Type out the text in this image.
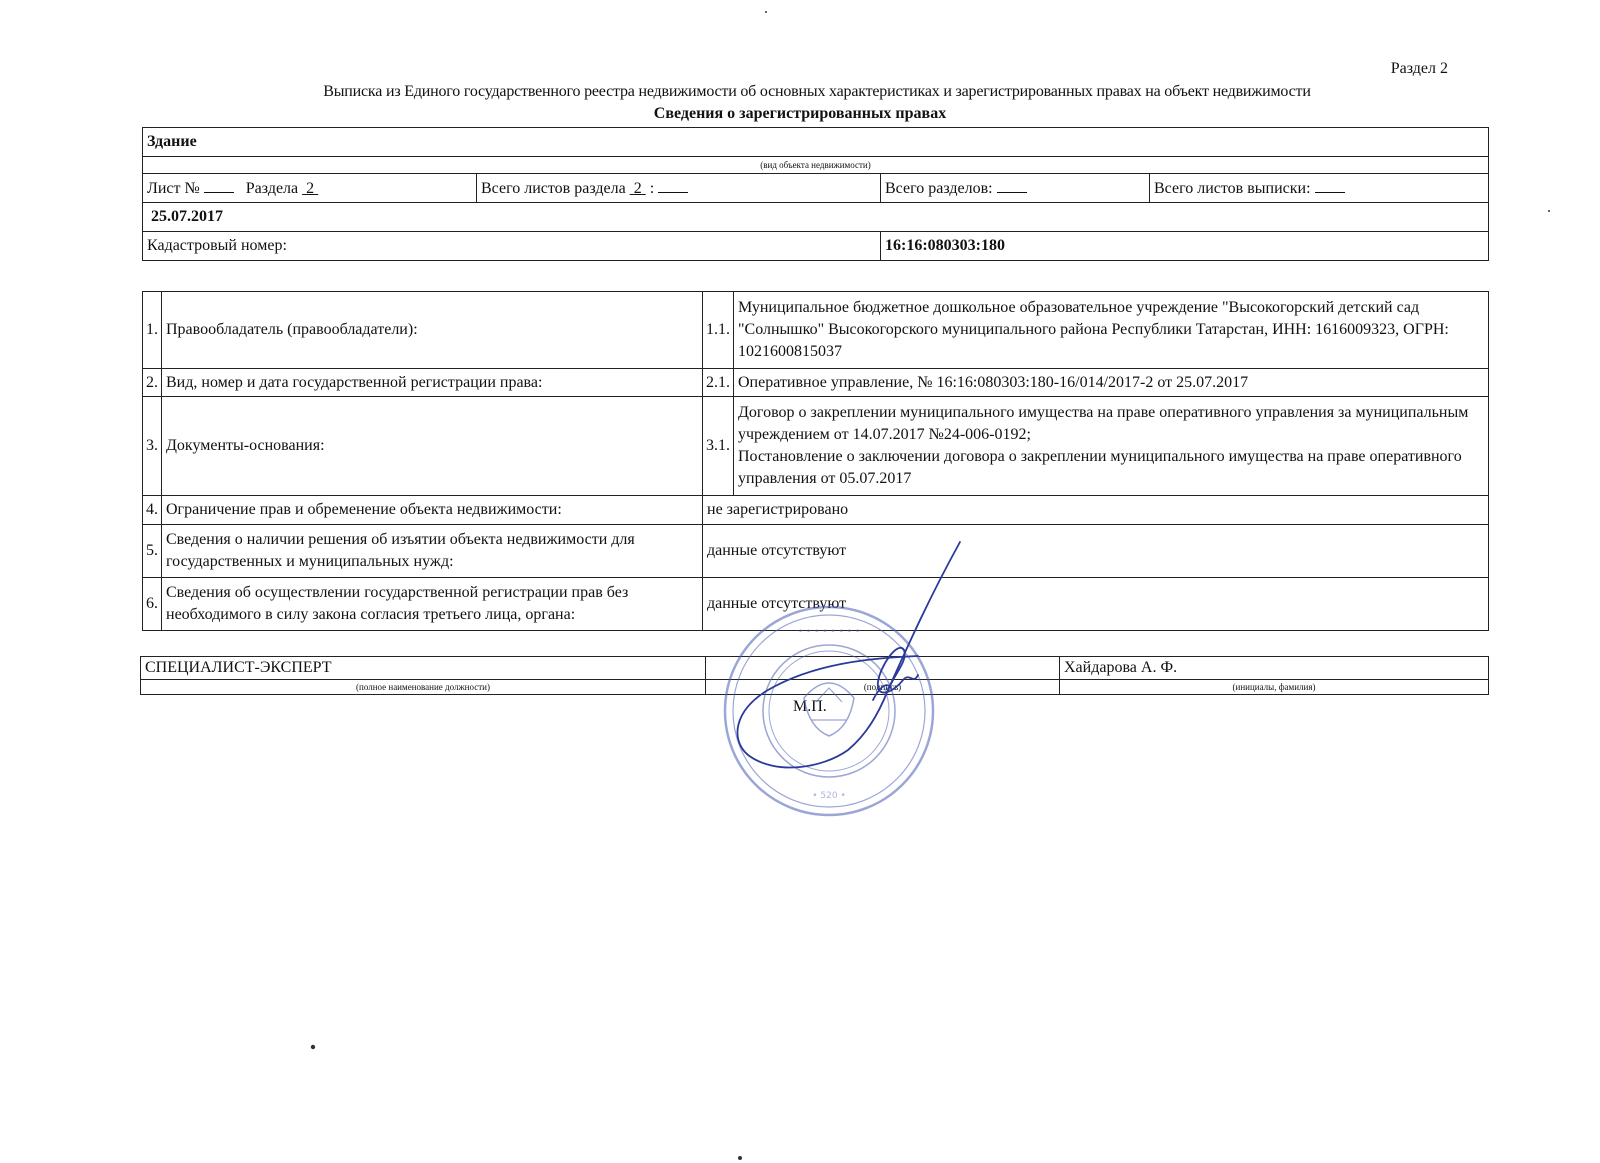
Раздел 2
Выписка из Единого государственного реестра недвижимости об основных характеристиках и зарегистрированных правах на объект недвижимости
Сведения о зарегистрированных правах
Здание			
(вид объекта недвижимости)			
Лист № Раздела 2	Всего листов раздела 2  :	Всего разделов:	Всего листов выписки:
25.07.2017			
Кадастровый номер:		16:16:080303:180	
1.	Правообладатель (правообладатели):	1.1.	Муниципальное бюджетное дошкольное образовательное учреждение "Высокогорский детский сад "Солнышко" Высокогорского муниципального района Республики Татарстан, ИНН: 1616009323, ОГРН: 1021600815037
2.	Вид, номер и дата государственной регистрации права:	2.1.	Оперативное управление, № 16:16:080303:180-16/014/2017-2 от 25.07.2017
3.	Документы-основания:	3.1.	Договор о закреплении муниципального имущества на праве оперативного управления за муниципальным учреждением от 14.07.2017 №24-006-0192;
Постановление о заключении договора о закреплении муниципального имущества на праве оперативного управления от 05.07.2017

4.	Ограничение прав и обременение объекта недвижимости:	не зарегистрировано	
5.	Сведения о наличии решения об изъятии объекта недвижимости для государственных и муниципальных нужд:	данные отсутствуют	
6.	Сведения об осуществлении государственной регистрации прав без необходимого в силу закона согласия третьего лица, органа:	данные отсутствуют	
СПЕЦИАЛИСТ-ЭКСПЕРТ		Хайдарова А. Ф.
(полное наименование должности)	(подпись)	(инициалы, фамилия)
М.П.
• • • • • • • •
• 520 •
